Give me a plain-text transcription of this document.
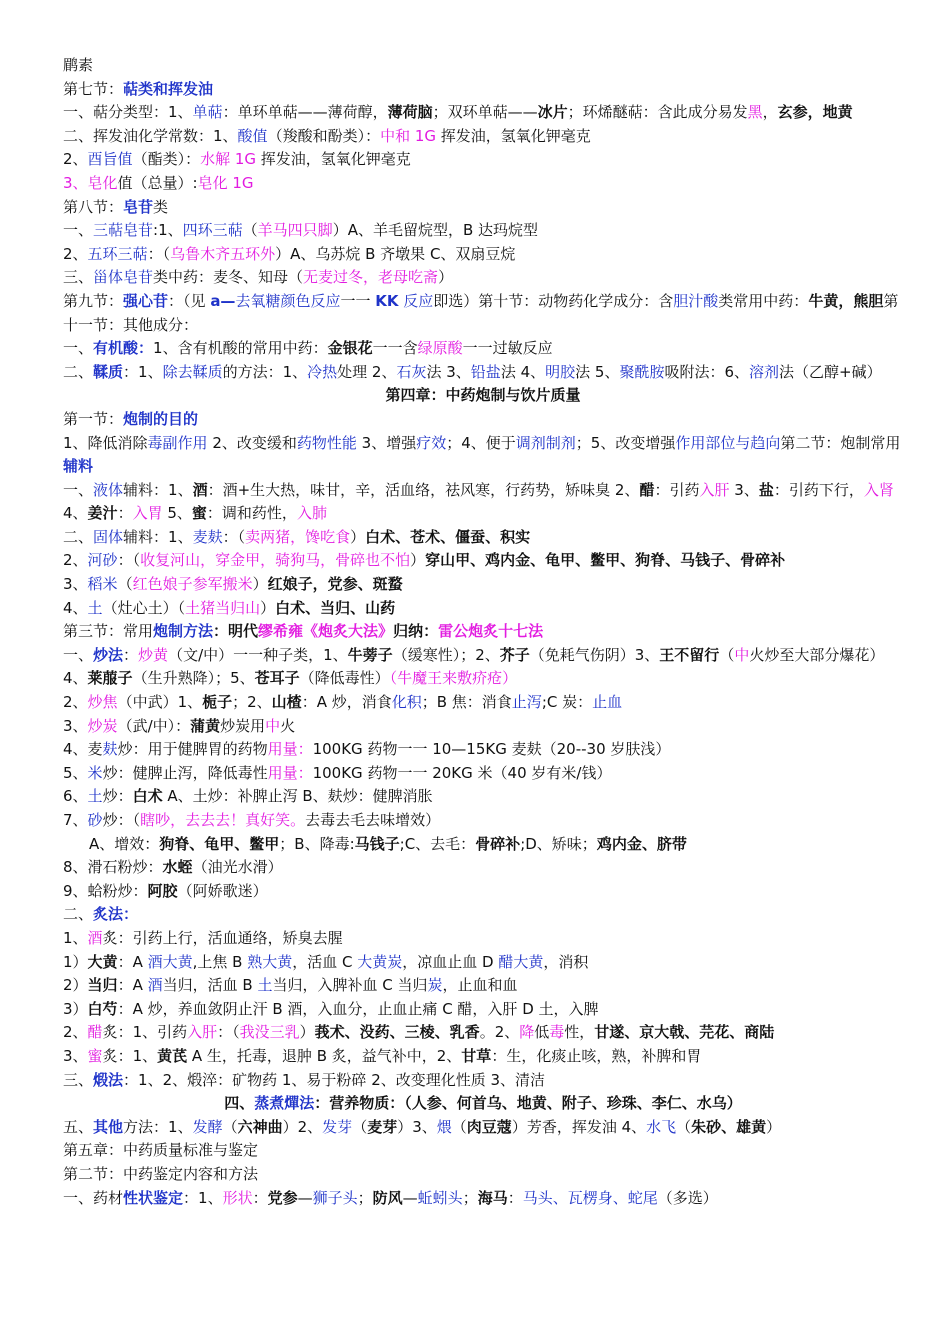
鹛素
第七节：萜类和挥发油
一、萜分类型：1、单萜：单环单萜——薄荷醇，薄荷脑；双环单萜——冰片；环烯醚萜：含此成分易发黑，玄参，地黄
二、挥发油化学常数：1、酸值（羧酸和酚类）：中和 1G 挥发油，氢氧化钾毫克
2、酉旨值（酯类）：水解 1G 挥发油，氢氧化钾毫克
3、皂化值（总量）:皂化 1G
第八节：皂苷类
一、三萜皂苷:1、四环三萜（羊马四只脚）A、羊毛留烷型，B 达玛烷型
2、五环三萜：（乌鲁木齐五环外）A、乌苏烷 B 齐墩果 C、双扇豆烷
三、甾体皂苷类中药：麦冬、知母（无麦过冬，老母吃斋）
第九节：强心苷：（见 a—去氧糖颜色反应一一 KK 反应即选）第十节：动物药化学成分：含胆汁酸类常用中药：牛黄，熊胆第十一节：其他成分：
一、有机酸：1、含有机酸的常用中药：金银花一一含绿原酸一一过敏反应
二、鞣质：1、除去鞣质的方法：1、冷热处理 2、石灰法 3、铅盐法 4、明胶法 5、聚酰胺吸附法：6、溶剂法（乙醇+碱）
第四章：中药炮制与饮片质量
第一节：炮制的目的
1、降低消除毒副作用 2、改变缓和药物性能 3、增强疗效；4、便于调剂制剂；5、改变增强作用部位与趋向第二节：炮制常用辅料
一、液体辅料：1、酒：酒+生大热，味甘，辛，活血络，祛风寒，行药势，矫味臭 2、醋：引药入肝 3、盐：引药下行，入肾 4、姜汁：入胃 5、蜜：调和药性，入肺
二、固体辅料：1、麦麸：（卖两猪，馋吃食）白术、苍术、僵蚕、积实
2、河砂：（收复河山，穿金甲，骑狗马，骨碎也不怕）穿山甲、鸡内金、龟甲、鳖甲、狗脊、马钱子、骨碎补
3、稻米（红色娘子参军搬米）红娘子，党参、斑蝥
4、土（灶心土）（土猪当归山）白术、当归、山药
第三节：常用炮制方法：明代缪希雍《炮炙大法》归纳：雷公炮炙十七法
一、炒法：炒黄（文/中）一一种子类，1、牛蒡子（缓寒性）；2、芥子（免耗气伤阴）3、王不留行（中火炒至大部分爆花）4、莱菔子（生升熟降）；5、苍耳子（降低毒性）（牛魔王来敷疥疮）
2、炒焦（中武）1、栀子；2、山楂：A 炒，消食化积；B 焦：消食止泻;C 炭：止血
3、炒炭（武/中）：蒲黄炒炭用中火
4、麦麸炒：用于健脾胃的药物用量：100KG 药物一一 10—15KG 麦麸（20--30 岁肤浅）
5、米炒：健脾止泻，降低毒性用量：100KG 药物一一 20KG 米（40 岁有米/钱）
6、土炒：白术 A、土炒：补脾止泻 B、麸炒：健脾消胀
7、砂炒：（瞎吵，去去去！真好笑。去毒去毛去味增效）
A、增效：狗脊、龟甲、鳖甲；B、降毒:马钱子;C、去毛：骨碎补;D、矫味；鸡内金、脐带
8、滑石粉炒：水蛭（油光水滑）
9、蛤粉炒：阿胶（阿娇歌迷）
二、炙法：
1、酒炙：引药上行，活血通络，矫臭去腥
1）大黄：A 酒大黄,上焦 B 熟大黄，活血 C 大黄炭，凉血止血 D 醋大黄，消积
2）当归：A 酒当归，活血 B 土当归，入脾补血 C 当归炭，止血和血
3）白芍：A 炒，养血敛阴止汗 B 酒，入血分，止血止痛 C 醋，入肝 D 土，入脾
2、醋炙：1、引药入肝：（我没三乳）莪术、没药、三棱、乳香。2、降低毒性，甘遂、京大戟、芫花、商陆
3、蜜炙：1、黄芪 A 生，托毒，退肿 B 炙，益气补中，2、甘草：生，化痰止咳，熟，补脾和胃
三、煅法：1、2、煅淬：矿物药 1、易于粉碎 2、改变理化性质 3、清洁
四、蒸煮燀法：营养物质：（人参、何首乌、地黄、附子、珍珠、李仁、水乌）
五、其他方法：1、发酵（六神曲）2、发芽（麦芽）3、煨（肉豆蔻）芳香，挥发油 4、水飞（朱砂、雄黄）
第五章：中药质量标准与鉴定
第二节：中药鉴定内容和方法
一、药材性状鉴定：1、形状：党参—狮子头；防风—蚯蚓头；海马：马头、瓦楞身、蛇尾（多选）
